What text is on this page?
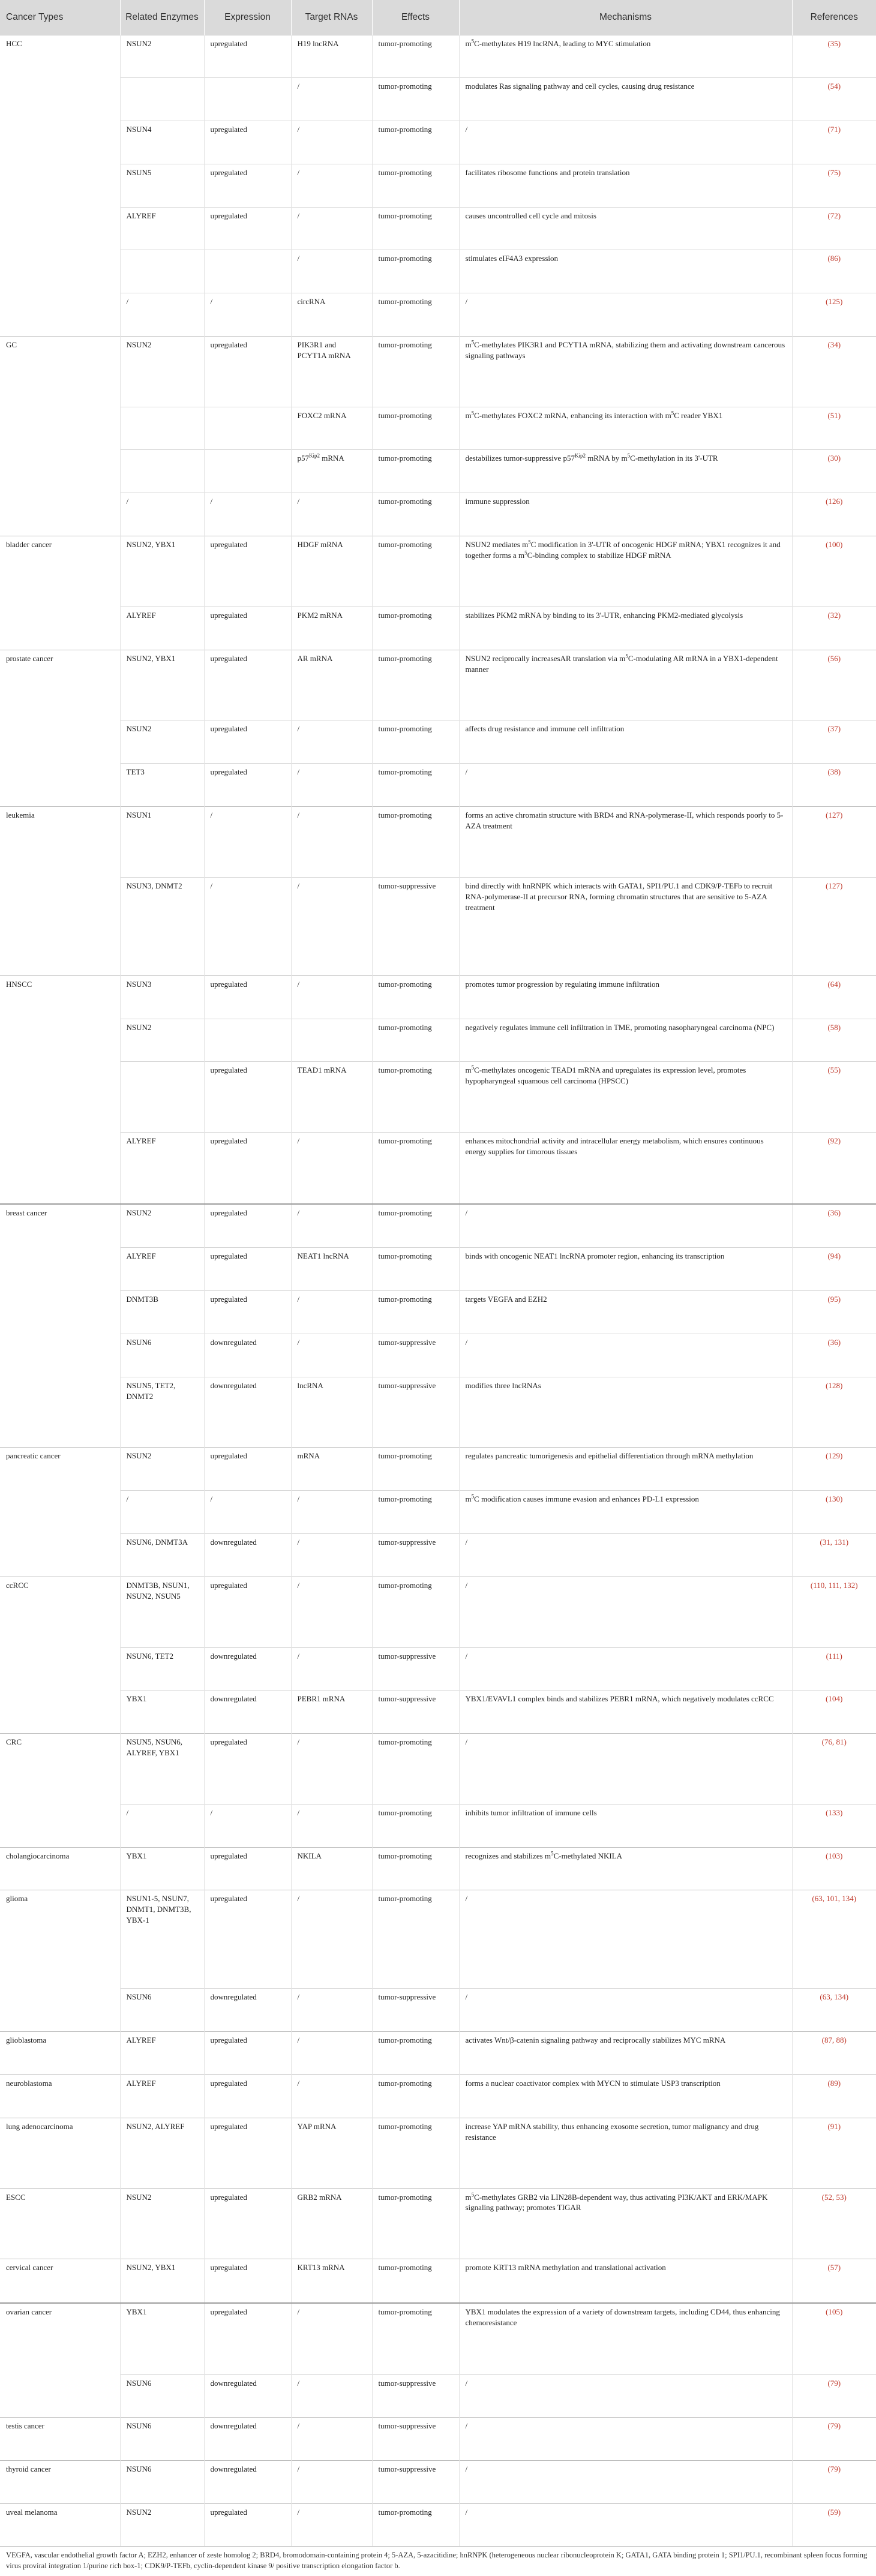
Cancer Types	Related Enzymes	Expression	Target RNAs	Effects	Mechanisms	References
HCC	NSUN2	upregulated	H19 lncRNA	tumor-promoting	$m^5C$-methylates H19 lncRNA, leading to MYC stimulation	(35)
			/	tumor-promoting	modulates Ras signaling pathway and cell cycles, causing drug resistance	(54)
	NSUN4	upregulated	/	tumor-promoting	/	(71)
	NSUN5	upregulated	/	tumor-promoting	facilitates ribosome functions and protein translation	(75)
	ALYREF	upregulated	/	tumor-promoting	causes uncontrolled cell cycle and mitosis	(72)
			/	tumor-promoting	stimulates eIF4A3 expression	(86)
	/	/	circRNA	tumor-promoting	/	(125)
GC	NSUN2	upregulated	PIK3R1 and PCYT1A mRNA	tumor-promoting	$m^5C$-methylates PIK3R1 and PCYT1A mRNA, stabilizing them and activating downstream cancerous signaling pathways	(34)
			FOXC2 mRNA	tumor-promoting	$m^5C$-methylates FOXC2 mRNA, enhancing its interaction with $m^5C$ reader YBX1	(51)
			$p57^{Kip2}$ mRNA	tumor-promoting	destabilizes tumor-suppressive $p57^{Kip2}$ mRNA by $m^5C$-methylation in its 3'-UTR	(30)
	/	/	/	tumor-promoting	immune suppression	(126)
bladder cancer	NSUN2, YBX1	upregulated	HDGF mRNA	tumor-promoting	NSUN2 mediates $m^5C$ modification in 3'-UTR of oncogenic HDGF mRNA; YBX1 recognizes it and together forms a $m^5C$-binding complex to stabilize HDGF mRNA	(100)
	ALYREF	upregulated	PKM2 mRNA	tumor-promoting	stabilizes PKM2 mRNA by binding to its 3'-UTR, enhancing PKM2-mediated glycolysis	(32)
prostate cancer	NSUN2, YBX1	upregulated	AR mRNA	tumor-promoting	NSUN2 reciprocally increasesAR translation via $m^5C$-modulating AR mRNA in a YBX1-dependent manner	(56)
	NSUN2	upregulated	/	tumor-promoting	affects drug resistance and immune cell infiltration	(37)
	TET3	upregulated	/	tumor-promoting	/	(38)
leukemia	NSUN1	/	/	tumor-promoting	forms an active chromatin structure with BRD4 and RNA-polymerase-II, which responds poorly to 5-AZA treatment	(127)
	NSUN3, DNMT2	/	/	tumor-suppressive	bind directly with hnRNPK which interacts with GATA1, SPI1/PU.1 and CDK9/P-TEFb to recruit RNA-polymerase-II at precursor RNA, forming chromatin structures that are sensitive to 5-AZA treatment	(127)
HNSCC	NSUN3	upregulated	/	tumor-promoting	promotes tumor progression by regulating immune infiltration	(64)
	NSUN2			tumor-promoting	negatively regulates immune cell infiltration in TME, promoting nasopharyngeal carcinoma (NPC)	(58)
		upregulated	TEAD1 mRNA	tumor-promoting	$m^5C$-methylates oncogenic TEAD1 mRNA and upregulates its expression level, promotes hypopharyngeal squamous cell carcinoma (HPSCC)	(55)
	ALYREF	upregulated	/	tumor-promoting	enhances mitochondrial activity and intracellular energy metabolism, which ensures continuous energy supplies for timorous tissues	(92)
breast cancer	NSUN2	upregulated	/	tumor-promoting	/	(36)
	ALYREF	upregulated	NEAT1 lncRNA	tumor-promoting	binds with oncogenic NEAT1 lncRNA promoter region, enhancing its transcription	(94)
	DNMT3B	upregulated	/	tumor-promoting	targets VEGFA and EZH2	(95)
	NSUN6	downregulated	/	tumor-suppressive	/	(36)
	NSUN5, TET2, DNMT2	downregulated	lncRNA	tumor-suppressive	modifies three lncRNAs	(128)
pancreatic cancer	NSUN2	upregulated	mRNA	tumor-promoting	regulates pancreatic tumorigenesis and epithelial differentiation through mRNA methylation	(129)
	/	/	/	tumor-promoting	$m^5C$ modification causes immune evasion and enhances PD-L1 expression	(130)
	NSUN6, DNMT3A	downregulated	/	tumor-suppressive	/	(31, 131)
ccRCC	DNMT3B, NSUN1, NSUN2, NSUN5	upregulated	/	tumor-promoting	/	(110, 111, 132)
	NSUN6, TET2	downregulated	/	tumor-suppressive	/	(111)
	YBX1	downregulated	PEBR1 mRNA	tumor-suppressive	YBX1/EVAVL1 complex binds and stabilizes PEBR1 mRNA, which negatively modulates ccRCC	(104)
CRC	NSUN5, NSUN6, ALYREF, YBX1	upregulated	/	tumor-promoting	/	(76, 81)
	/	/	/	tumor-promoting	inhibits tumor infiltration of immune cells	(133)
cholangiocarcinoma	YBX1	upregulated	NKILA	tumor-promoting	recognizes and stabilizes $m^5C$-methylated NKILA	(103)
glioma	NSUN1-5, NSUN7, DNMT1, DNMT3B, YBX-1	upregulated	/	tumor-promoting	/	(63, 101, 134)
	NSUN6	downregulated	/	tumor-suppressive	/	(63, 134)
glioblastoma	ALYREF	upregulated	/	tumor-promoting	activates Wnt/β-catenin signaling pathway and reciprocally stabilizes MYC mRNA	(87, 88)
neuroblastoma	ALYREF	upregulated	/	tumor-promoting	forms a nuclear coactivator complex with MYCN to stimulate USP3 transcription	(89)
lung adenocarcinoma	NSUN2, ALYREF	upregulated	YAP mRNA	tumor-promoting	increase YAP mRNA stability, thus enhancing exosome secretion, tumor malignancy and drug resistance	(91)
ESCC	NSUN2	upregulated	GRB2 mRNA	tumor-promoting	$m^5C$-methylates GRB2 via LIN28B-dependent way, thus activating PI3K/AKT and ERK/MAPK signaling pathway; promotes TIGAR	(52, 53)
cervical cancer	NSUN2, YBX1	upregulated	KRT13 mRNA	tumor-promoting	promote KRT13 mRNA methylation and translational activation	(57)
ovarian cancer	YBX1	upregulated	/	tumor-promoting	YBX1 modulates the expression of a variety of downstream targets, including CD44, thus enhancing chemoresistance	(105)
	NSUN6	downregulated	/	tumor-suppressive	/	(79)
testis cancer	NSUN6	downregulated	/	tumor-suppressive	/	(79)
thyroid cancer	NSUN6	downregulated	/	tumor-suppressive	/	(79)
uveal melanoma	NSUN2	upregulated	/	tumor-promoting	/	(59)
VEGFA, vascular endothelial growth factor A; EZH2, enhancer of zeste homolog 2; BRD4, bromodomain-containing protein 4; 5-AZA, 5-azacitidine; hnRNPK (heterogeneous nuclear ribonucleoprotein K; GATA1, GATA binding protein 1; SPI1/PU.1, recombinant spleen focus forming virus proviral integration 1/purine rich box-1; CDK9/P-TEFb, cyclin-dependent kinase 9/ positive transcription elongation factor b.
